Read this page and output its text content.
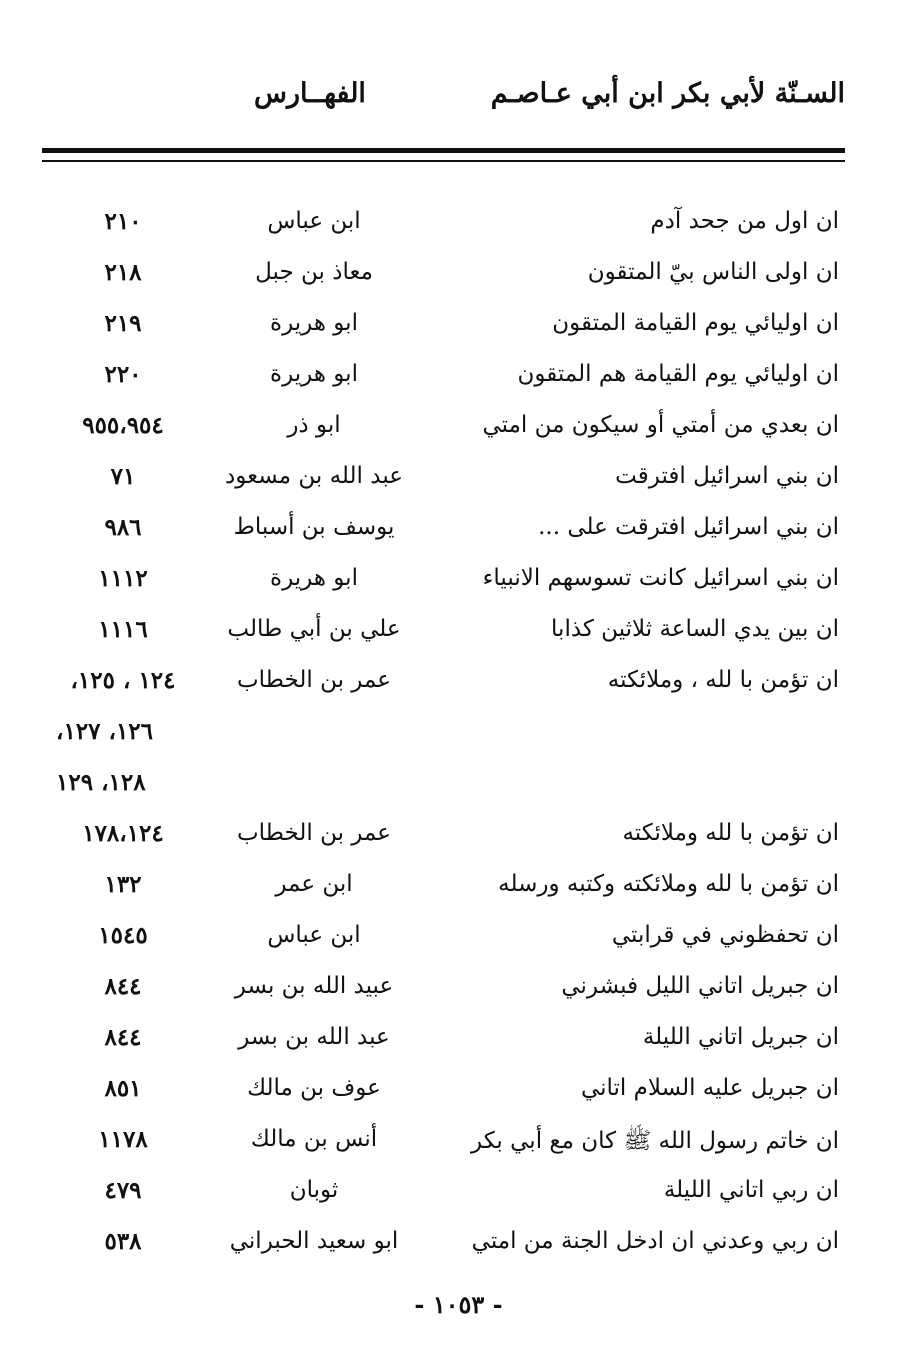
السـنّة لأبي بكر ابن أبي عـاصـم
الفهــارس
ان اول من جحد آدم
ابن عباس
٢١٠
ان اولى الناس بيّ المتقون
معاذ بن جبل
٢١٨
ان اوليائي يوم القيامة المتقون
ابو هريرة
٢١٩
ان اوليائي يوم القيامة هم المتقون
ابو هريرة
٢٢٠
ان بعدي من أمتي أو سيكون من امتي
ابو ذر
٩٥٥،٩٥٤
ان بني اسرائيل افترقت
عبد الله بن مسعود
٧١
ان بني اسرائيل افترقت على ...
يوسف بن أسباط
٩٨٦
ان بني اسرائيل كانت تسوسهم الانبياء
ابو هريرة
١١١٢
ان بين يدي الساعة ثلاثين كذابا
علي بن أبي طالب
١١١٦
ان تؤمن با لله ، وملائكته
عمر بن الخطاب
١٢٤ ، ١٢٥،
١٢٦، ١٢٧،
١٢٨، ١٢٩
ان تؤمن با لله وملائكته
عمر بن الخطاب
١٧٨،١٢٤
ان تؤمن با لله وملائكته وكتبه ورسله
ابن عمر
١٣٢
ان تحفظوني في قرابتي
ابن عباس
١٥٤٥
ان جبريل اتاني الليل فبشرني
عبيد الله بن بسر
٨٤٤
ان جبريل اتاني الليلة
عبد الله بن بسر
٨٤٤
ان جبريل عليه السلام اتاني
عوف بن مالك
٨٥١
ان خاتم رسول الله ﷺ كان مع أبي بكر
أنس بن مالك
١١٧٨
ان ربي اتاني الليلة
ثوبان
٤٧٩
ان ربي وعدني ان ادخل الجنة من امتي
ابو سعيد الحبراني
٥٣٨
- ١٠٥٣ -
